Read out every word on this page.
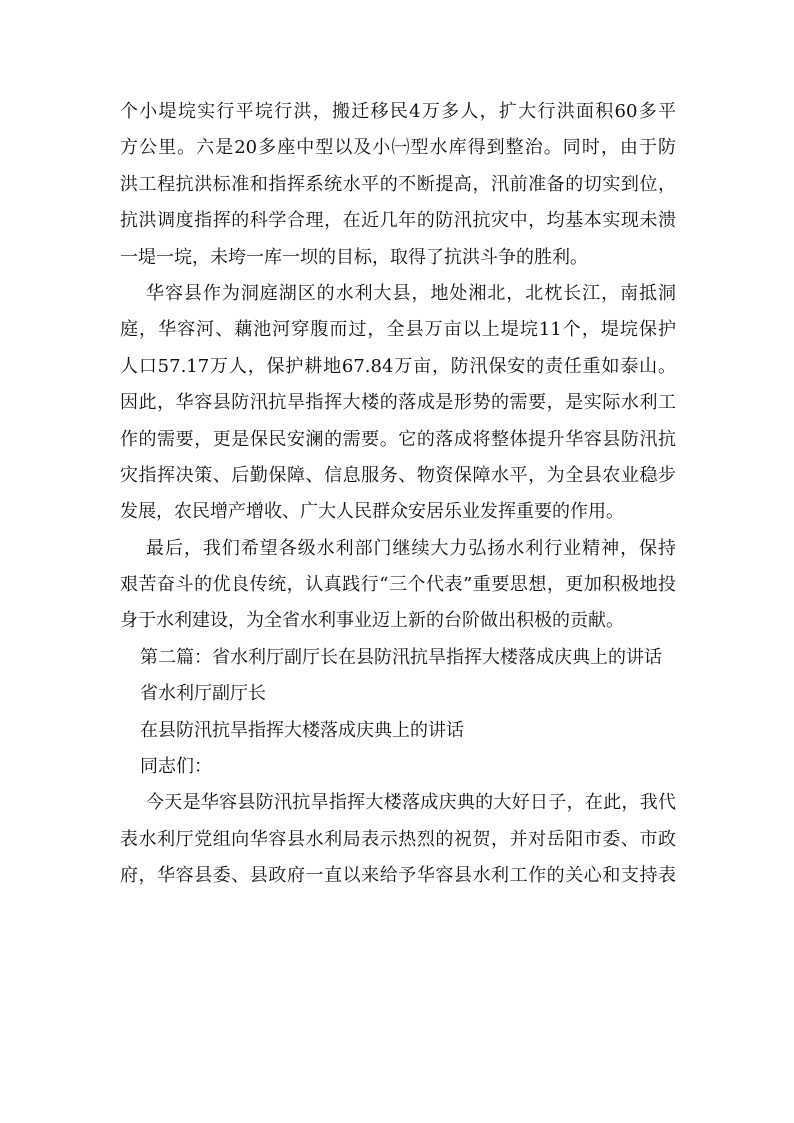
个小堤垸实行平垸行洪，搬迁移民4万多人，扩大行洪面积60多平
方公里。六是20多座中型以及小㈠型水库得到整治。同时，由于防
洪工程抗洪标准和指挥系统水平的不断提高，汛前准备的切实到位，
抗洪调度指挥的科学合理，在近几年的防汛抗灾中，均基本实现未溃
一堤一垸，未垮一库一坝的目标，取得了抗洪斗争的胜利。
华容县作为洞庭湖区的水利大县，地处湘北，北枕长江，南抵洞
庭，华容河、藕池河穿腹而过，全县万亩以上堤垸11个，堤垸保护
人口57.17万人，保护耕地67.84万亩，防汛保安的责任重如泰山。
因此，华容县防汛抗旱指挥大楼的落成是形势的需要，是实际水利工
作的需要，更是保民安澜的需要。它的落成将整体提升华容县防汛抗
灾指挥决策、后勤保障、信息服务、物资保障水平，为全县农业稳步
发展，农民增产增收、广大人民群众安居乐业发挥重要的作用。
最后，我们希望各级水利部门继续大力弘扬水利行业精神，保持
艰苦奋斗的优良传统，认真践行“三个代表”重要思想，更加积极地投
身于水利建设，为全省水利事业迈上新的台阶做出积极的贡献。
第二篇：省水利厅副厅长在县防汛抗旱指挥大楼落成庆典上的讲话
省水利厅副厅长
在县防汛抗旱指挥大楼落成庆典上的讲话
同志们：
今天是华容县防汛抗旱指挥大楼落成庆典的大好日子，在此，我代
表水利厅党组向华容县水利局表示热烈的祝贺，并对岳阳市委、市政
府，华容县委、县政府一直以来给予华容县水利工作的关心和支持表
